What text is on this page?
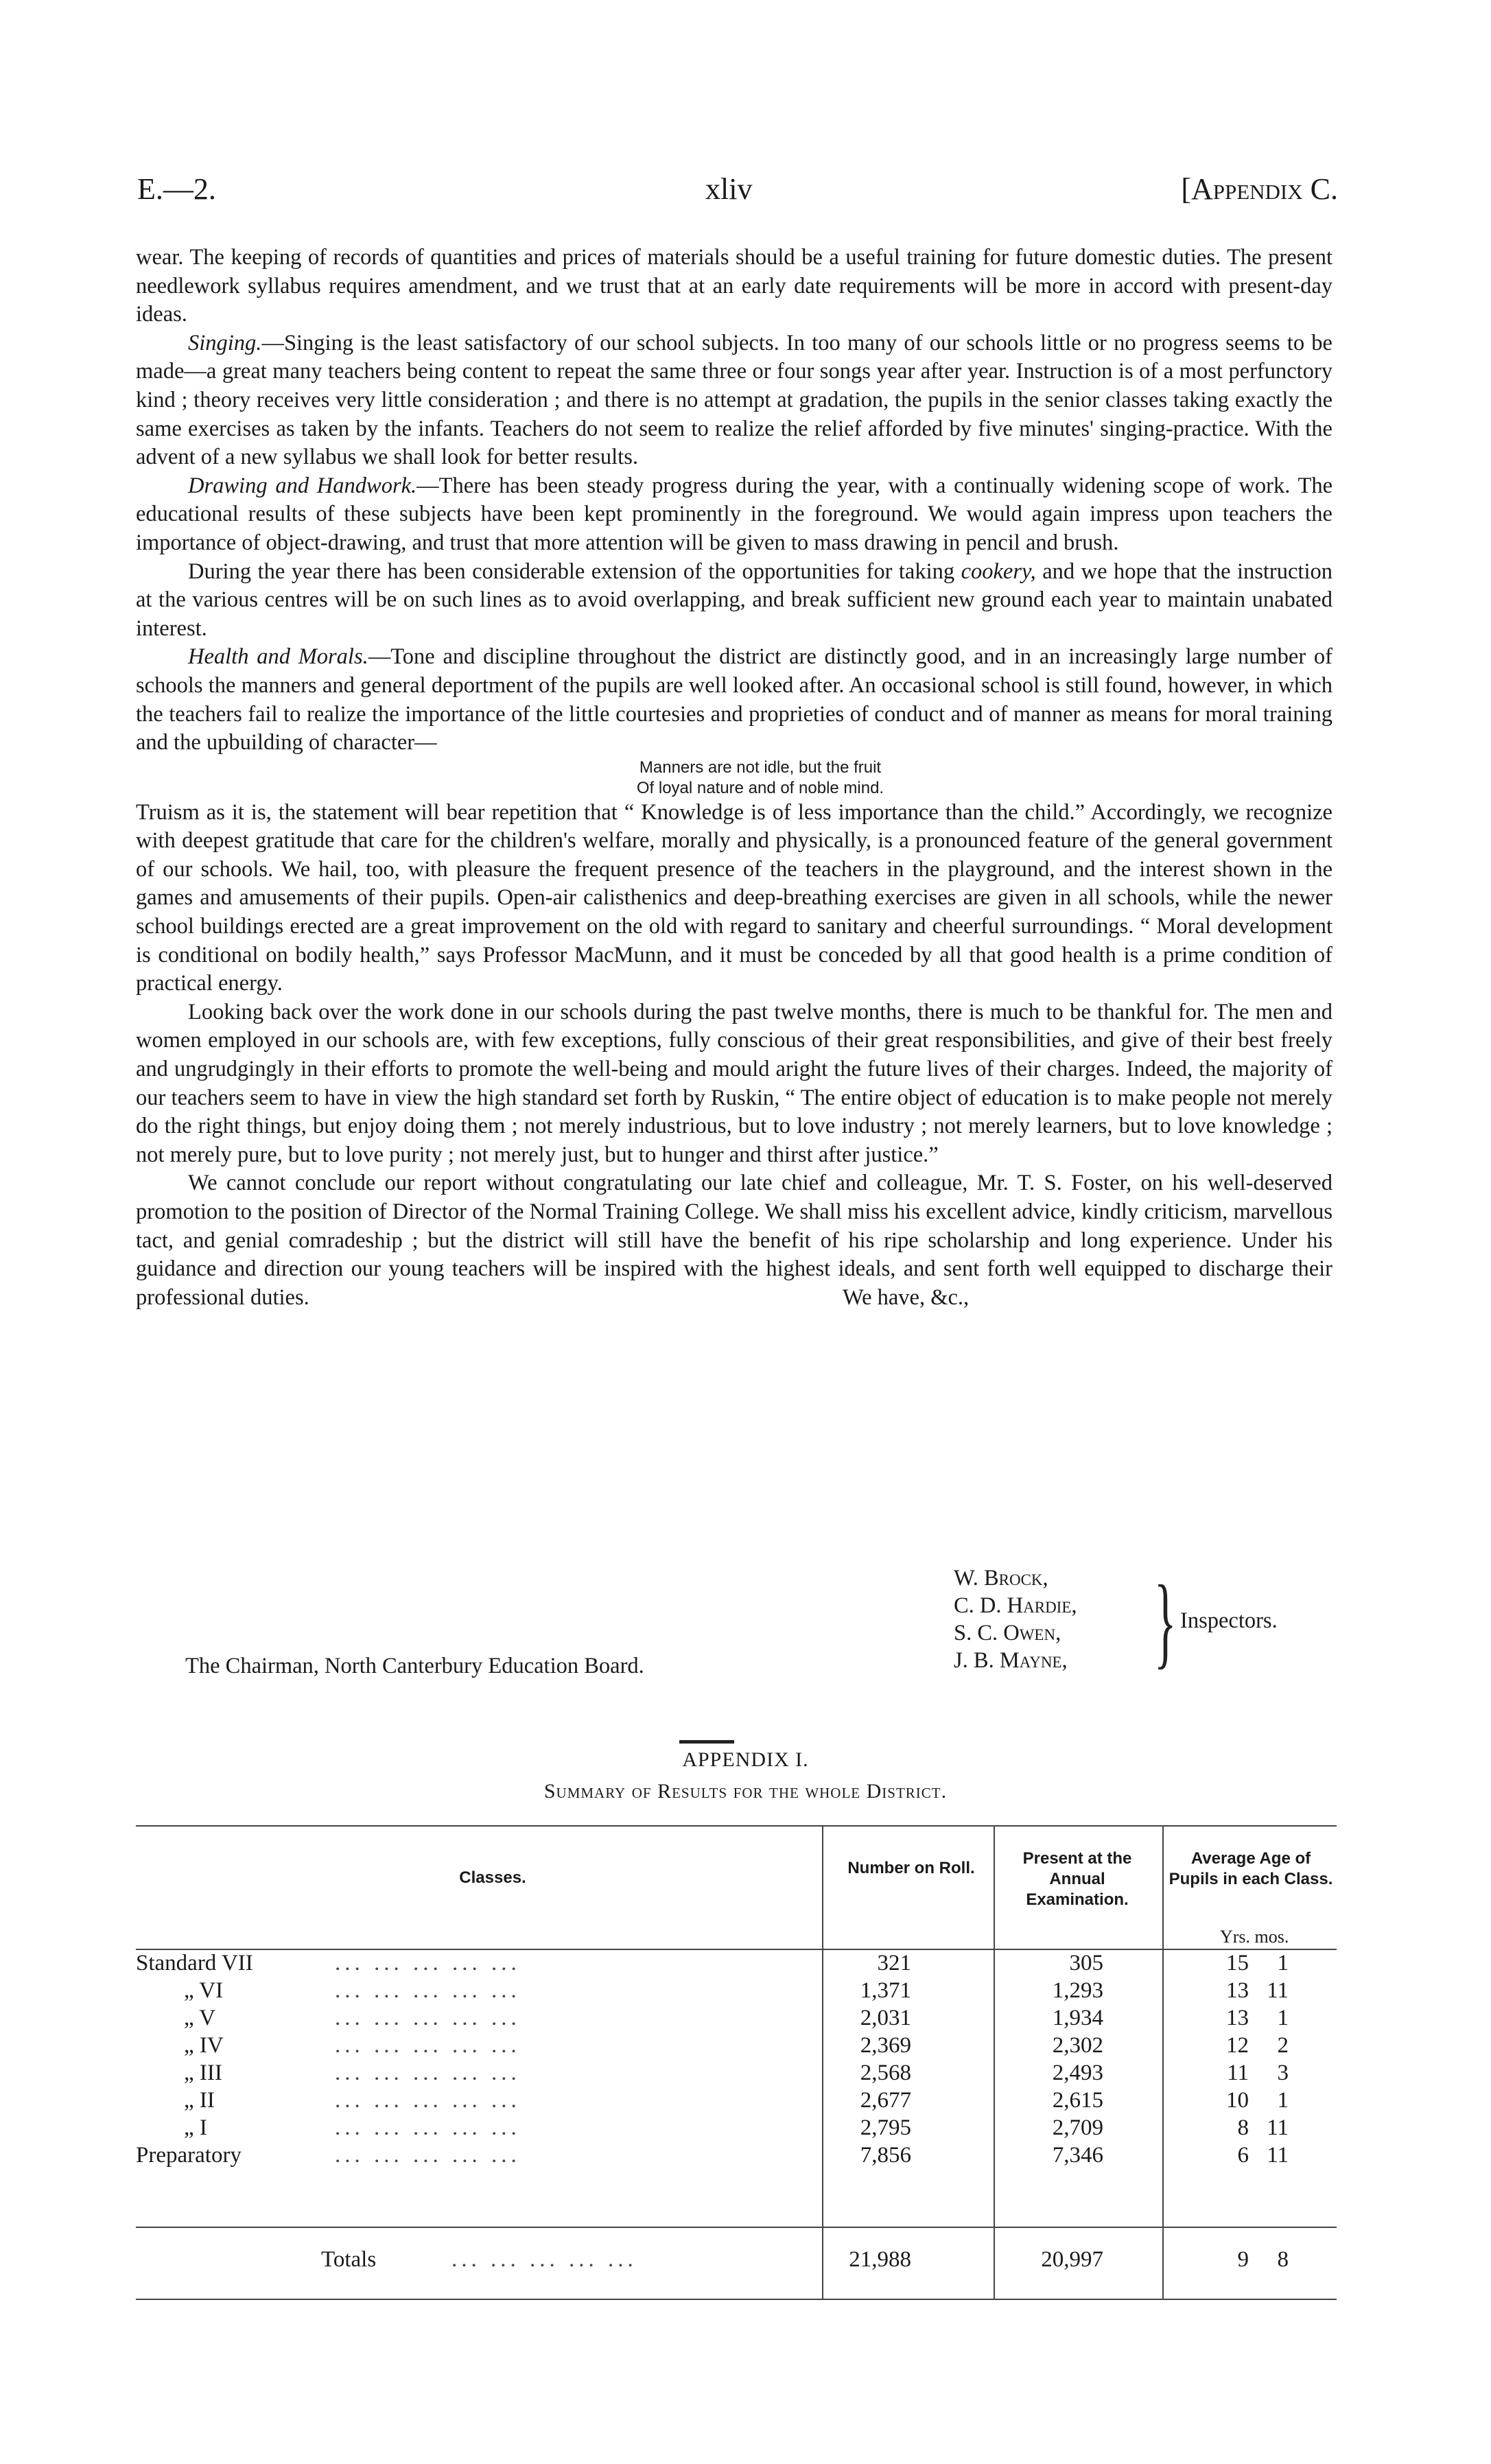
E.—2.	xliv	[Appendix C.

wear. The keeping of records of quantities and prices of materials should be a useful training for future domestic duties. The present needlework syllabus requires amendment, and we trust that at an early date requirements will be more in accord with present-day ideas.

Singing.—Singing is the least satisfactory of our school subjects. In too many of our schools little or no progress seems to be made—a great many teachers being content to repeat the same three or four songs year after year. Instruction is of a most perfunctory kind ; theory receives very little consideration ; and there is no attempt at gradation, the pupils in the senior classes taking exactly the same exercises as taken by the infants. Teachers do not seem to realize the relief afforded by five minutes' singing-practice. With the advent of a new syllabus we shall look for better results.

Drawing and Handwork.—There has been steady progress during the year, with a continually widening scope of work. The educational results of these subjects have been kept prominently in the foreground. We would again impress upon teachers the importance of object-drawing, and trust that more attention will be given to mass drawing in pencil and brush.

During the year there has been considerable extension of the opportunities for taking cookery, and we hope that the instruction at the various centres will be on such lines as to avoid overlapping, and break sufficient new ground each year to maintain unabated interest.

Health and Morals.—Tone and discipline throughout the district are distinctly good, and in an increasingly large number of schools the manners and general deportment of the pupils are well looked after. An occasional school is still found, however, in which the teachers fail to realize the importance of the little courtesies and proprieties of conduct and of manner as means for moral training and the upbuilding of character—

Manners are not idle, but the fruit

Of loyal nature and of noble mind.

Truism as it is, the statement will bear repetition that “ Knowledge is of less importance than the child.” Accordingly, we recognize with deepest gratitude that care for the children's welfare, morally and physically, is a pronounced feature of the general government of our schools. We hail, too, with pleasure the frequent presence of the teachers in the playground, and the interest shown in the games and amusements of their pupils. Open-air calisthenics and deep-breathing exercises are given in all schools, while the newer school buildings erected are a great improvement on the old with regard to sanitary and cheerful surroundings. “ Moral development is conditional on bodily health,” says Professor MacMunn, and it must be conceded by all that good health is a prime condition of practical energy.

Looking back over the work done in our schools during the past twelve months, there is much to be thankful for. The men and women employed in our schools are, with few exceptions, fully conscious of their great responsibilities, and give of their best freely and ungrudgingly in their efforts to promote the well-being and mould aright the future lives of their charges. Indeed, the majority of our teachers seem to have in view the high standard set forth by Ruskin, “ The entire object of education is to make people not merely do the right things, but enjoy doing them ; not merely industrious, but to love industry ; not merely learners, but to love knowledge ; not merely pure, but to love purity ; not merely just, but to hunger and thirst after justice.”

We cannot conclude our report without congratulating our late chief and colleague, Mr. T. S. Foster, on his well-deserved promotion to the position of Director of the Normal Training College. We shall miss his excellent advice, kindly criticism, marvellous tact, and genial comradeship ; but the district will still have the benefit of his ripe scholarship and long experience. Under his guidance and direction our young teachers will be inspired with the highest ideals, and sent forth well equipped to discharge their professional duties.	We have, &c.,
W. Brock,
C. D. Hardie,
S. C. Owen,
J. B. Mayne, } Inspectors.
The Chairman, North Canterbury Education Board.
APPENDIX I.
Summary of Results for the whole District.
Classes.
Number on Roll.
Present at the Annual Examination.
Average Age of Pupils in each Class.
Yrs. mos.
Standard VII	... ... ... ... ...	321	305	15	1
„ VI	... ... ... ... ...	1,371	1,293	13 11
„ V	... ... ... ... ...	2,031	1,934	13	1
„ IV	... ... ... ... ...	2,369	2,302	12	2
„ III	... ... ... ... ...	2,568	2,493	11	3
„ II	... ... ... ... ...	2,677	2,615	10	1
„ I	... ... ... ... ...	2,795	2,709	8 11
Preparatory	... ... ... ... ...	7,856	7,346	6 11
Totals	... ... ... ... ...	21,988	20,997	9	8
